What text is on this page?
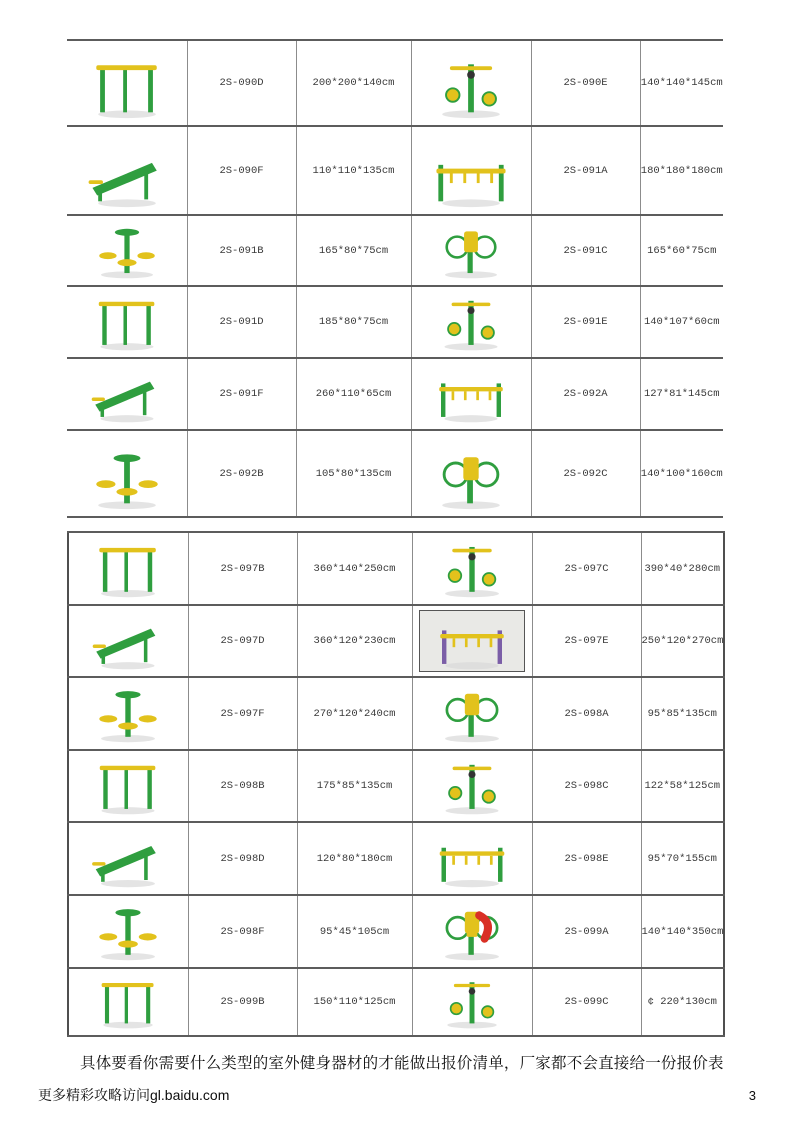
	2S-090D	200*200*140cm		2S-090E	140*140*145cm

	2S-090F	110*110*135cm		2S-091A	180*180*180cm

	2S-091B	165*80*75cm		2S-091C	165*60*75cm

	2S-091D	185*80*75cm		2S-091E	140*107*60cm

	2S-091F	260*110*65cm		2S-092A	127*81*145cm

	2S-092B	105*80*135cm		2S-092C	140*100*160cm
	2S-097B	360*140*250cm		2S-097C	390*40*280cm

	2S-097D	360*120*230cm		2S-097E	250*120*270cm

	2S-097F	270*120*240cm		2S-098A	95*85*135cm

	2S-098B	175*85*135cm		2S-098C	122*58*125cm

	2S-098D	120*80*180cm		2S-098E	95*70*155cm

	2S-098F	95*45*105cm		2S-099A	140*140*350cm

	2S-099B	150*110*125cm		2S-099C	¢ 220*130cm

具体要看你需要什么类型的室外健身器材的才能做出报价清单，厂家都不会直接给一份报价表

更多精彩攻略访问gl.baidu.com	3
